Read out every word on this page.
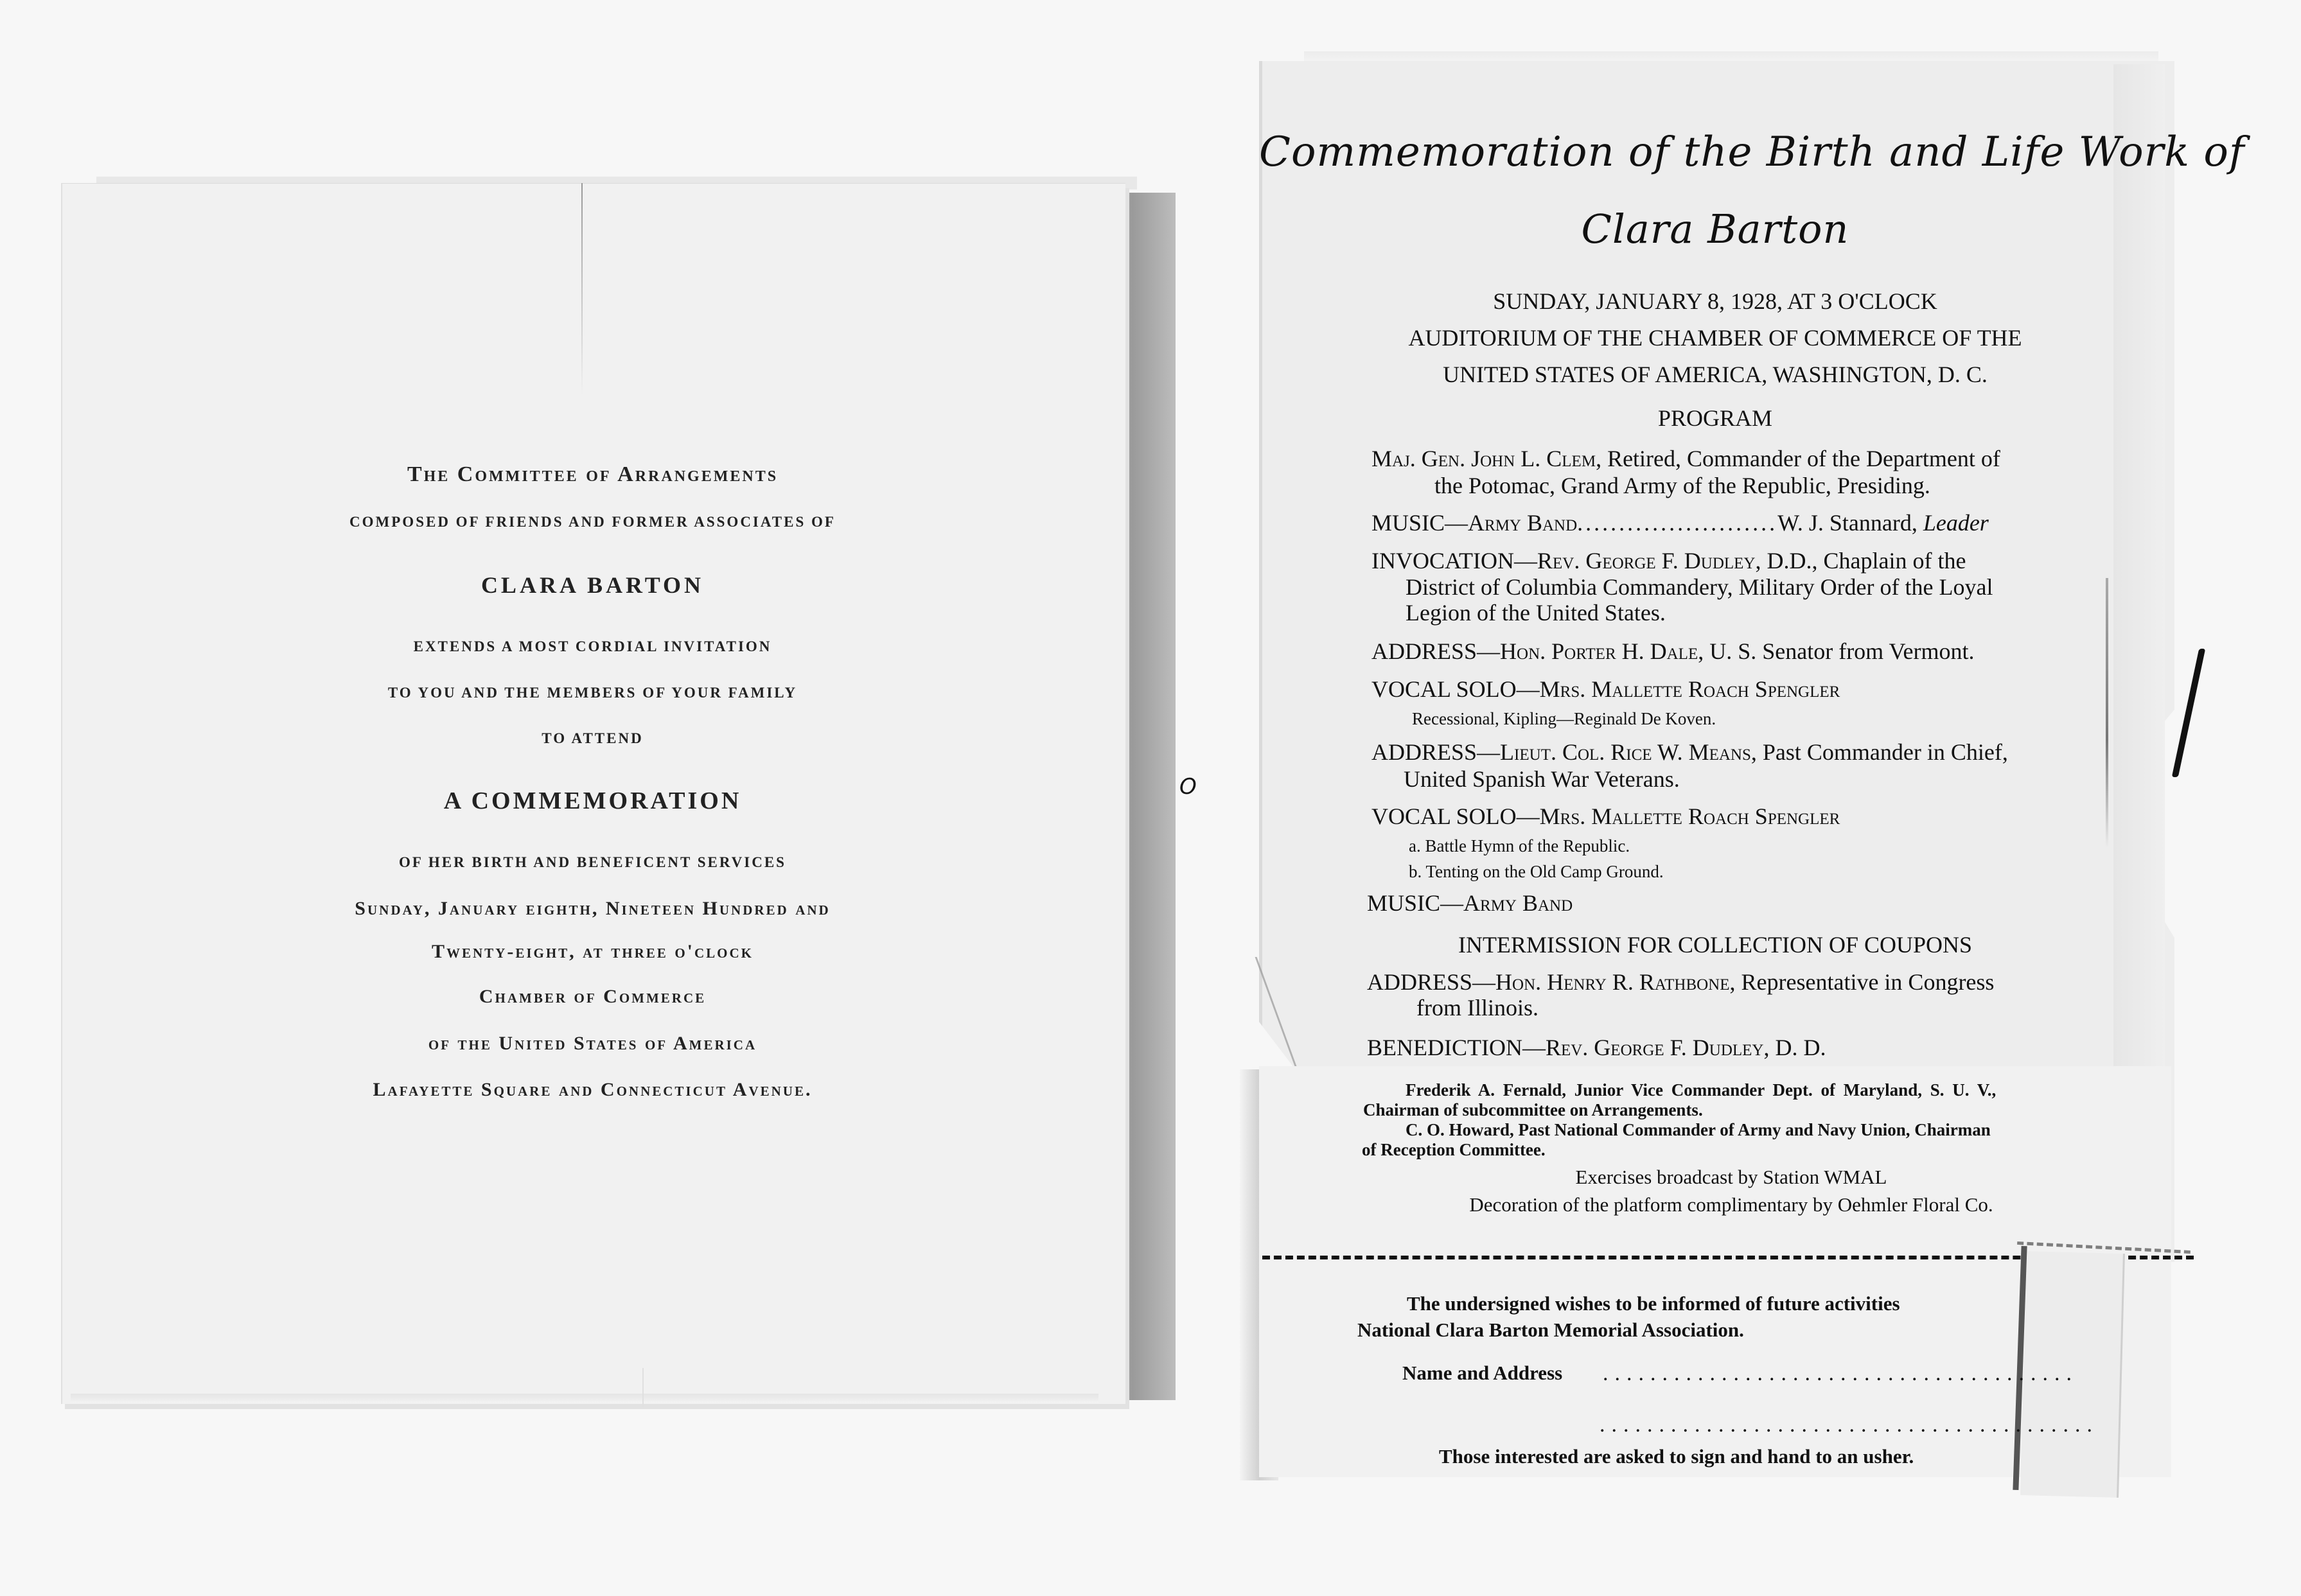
The Committee of Arrangements
COMPOSED OF FRIENDS AND FORMER ASSOCIATES OF
CLARA BARTON
EXTENDS A MOST CORDIAL INVITATION
TO YOU AND THE MEMBERS OF YOUR FAMILY
TO ATTEND
A COMMEMORATION
OF HER BIRTH AND BENEFICENT SERVICES
Sunday, January eighth, Nineteen Hundred and
Twenty-eight, at three o'clock
Chamber of Commerce
of the United States of America
Lafayette Square and Connecticut Avenue.
O
Commemoration of the Birth and Life Work of
Clara Barton
SUNDAY, JANUARY 8, 1928, AT 3 O'CLOCK
AUDITORIUM OF THE CHAMBER OF COMMERCE OF THE
UNITED STATES OF AMERICA, WASHINGTON, D. C.
PROGRAM
Maj. Gen. John L. Clem, Retired, Commander of the Department of
the Potomac, Grand Army of the Republic, Presiding.
MUSIC—Army Band........................W. J. Stannard, Leader
INVOCATION—Rev. George F. Dudley, D.D., Chaplain of the
District of Columbia Commandery, Military Order of the Loyal
Legion of the United States.
ADDRESS—Hon. Porter H. Dale, U. S. Senator from Vermont.
VOCAL SOLO—Mrs. Mallette Roach Spengler
Recessional, Kipling—Reginald De Koven.
ADDRESS—Lieut. Col. Rice W. Means, Past Commander in Chief,
United Spanish War Veterans.
VOCAL SOLO—Mrs. Mallette Roach Spengler
a. Battle Hymn of the Republic.
b. Tenting on the Old Camp Ground.
MUSIC—Army Band
INTERMISSION FOR COLLECTION OF COUPONS
ADDRESS—Hon. Henry R. Rathbone, Representative in Congress
from Illinois.
BENEDICTION—Rev. George F. Dudley, D. D.
Frederik A. Fernald, Junior Vice Commander Dept. of Maryland, S. U. V.,
Chairman of subcommittee on Arrangements.
C. O. Howard, Past National Commander of Army and Navy Union, Chairman
of Reception Committee.
Exercises broadcast by Station WMAL
Decoration of the platform complimentary by Oehmler Floral Co.
The undersigned wishes to be informed of future activities
National Clara Barton Memorial Association.
Name and Address ........................................
..........................................
Those interested are asked to sign and hand to an usher.
